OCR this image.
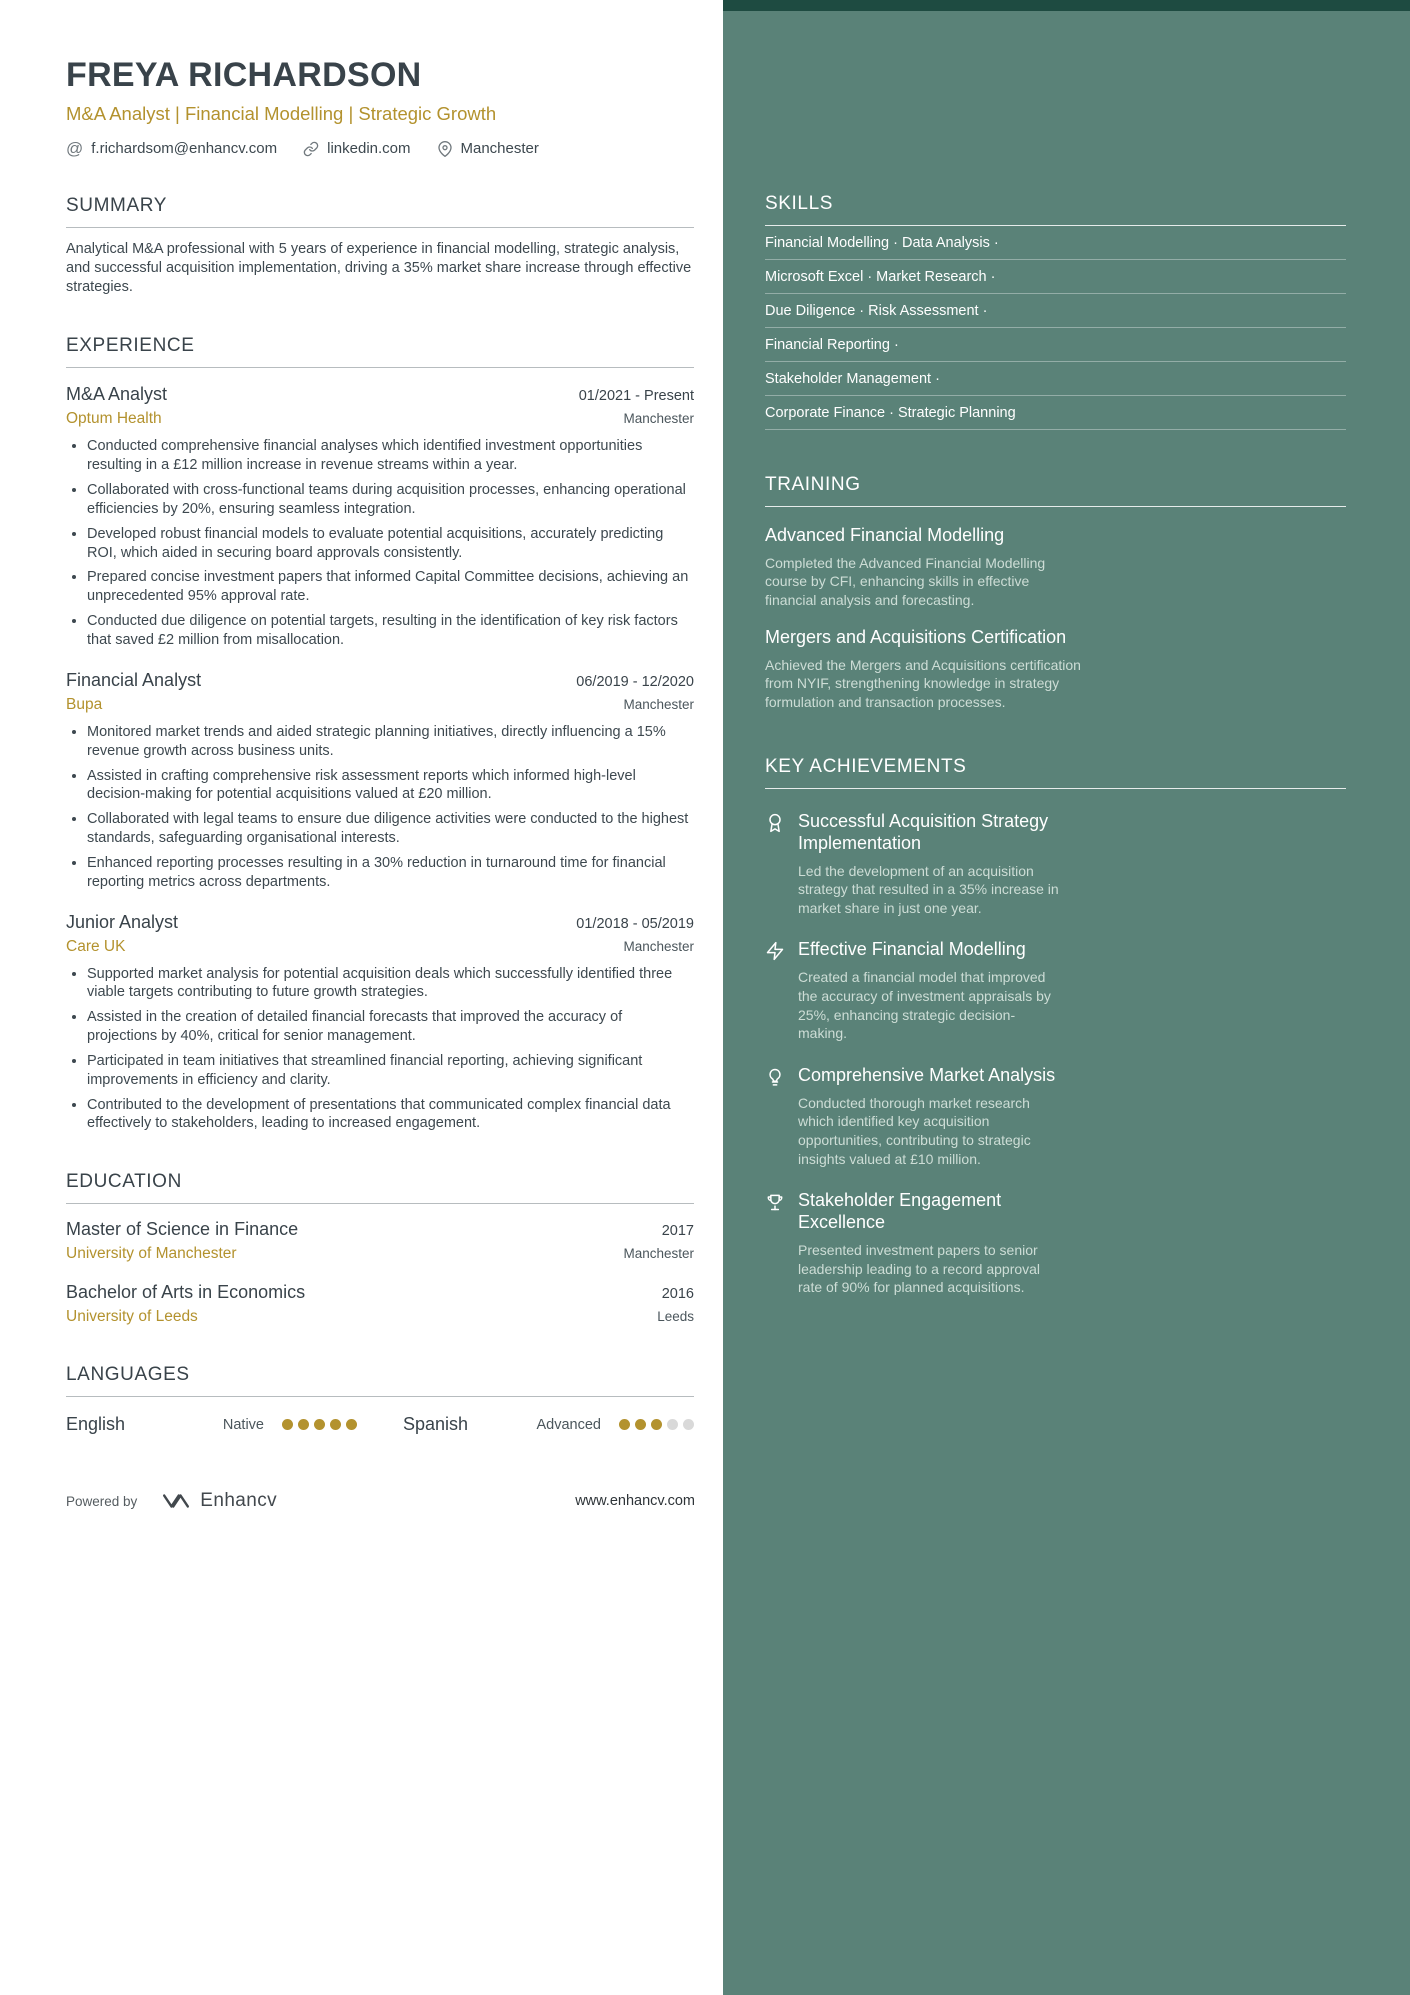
SKILLS
Financial Modelling · Data Analysis ·
Microsoft Excel · Market Research ·
Due Diligence · Risk Assessment ·
Financial Reporting ·
Stakeholder Management ·
Corporate Finance · Strategic Planning
TRAINING
Advanced Financial Modelling

Completed the Advanced Financial Modelling course by CFI, enhancing skills in effective financial analysis and forecasting.

Mergers and Acquisitions Certification

Achieved the Mergers and Acquisitions certification from NYIF, strengthening knowledge in strategy formulation and transaction processes.

KEY ACHIEVEMENTS
Successful Acquisition Strategy Implementation

Led the development of an acquisition strategy that resulted in a 35% increase in market share in just one year.

Effective Financial Modelling

Created a financial model that improved the accuracy of investment appraisals by 25%, enhancing strategic decision-making.

Comprehensive Market Analysis

Conducted thorough market research which identified key acquisition opportunities, contributing to strategic insights valued at £10 million.

Stakeholder Engagement Excellence

Presented investment papers to senior leadership leading to a record approval rate of 90% for planned acquisitions.

FREYA RICHARDSON
M&A Analyst | Financial Modelling | Strategic Growth
@ f.richardsom@enhancv.com	linkedin.com	Manchester
SUMMARY

Analytical M&A professional with 5 years of experience in financial modelling, strategic analysis, and successful acquisition implementation, driving a 35% market share increase through effective strategies.

EXPERIENCE
M&A Analyst	01/2021 - Present
Optum Health	Manchester
• Conducted comprehensive financial analyses which identified investment opportunities resulting in a £12 million increase in revenue streams within a year.
• Collaborated with cross-functional teams during acquisition processes, enhancing operational efficiencies by 20%, ensuring seamless integration.
• Developed robust financial models to evaluate potential acquisitions, accurately predicting ROI, which aided in securing board approvals consistently.
• Prepared concise investment papers that informed Capital Committee decisions, achieving an unprecedented 95% approval rate.
• Conducted due diligence on potential targets, resulting in the identification of key risk factors that saved £2 million from misallocation.
Financial Analyst	06/2019 - 12/2020
Bupa	Manchester
• Monitored market trends and aided strategic planning initiatives, directly influencing a 15% revenue growth across business units.
• Assisted in crafting comprehensive risk assessment reports which informed high-level decision-making for potential acquisitions valued at £20 million.
• Collaborated with legal teams to ensure due diligence activities were conducted to the highest standards, safeguarding organisational interests.
• Enhanced reporting processes resulting in a 30% reduction in turnaround time for financial reporting metrics across departments.
Junior Analyst	01/2018 - 05/2019
Care UK	Manchester
• Supported market analysis for potential acquisition deals which successfully identified three viable targets contributing to future growth strategies.
• Assisted in the creation of detailed financial forecasts that improved the accuracy of projections by 40%, critical for senior management.
• Participated in team initiatives that streamlined financial reporting, achieving significant improvements in efficiency and clarity.
• Contributed to the development of presentations that communicated complex financial data effectively to stakeholders, leading to increased engagement.
EDUCATION
Master of Science in Finance	2017
University of Manchester	Manchester
Bachelor of Arts in Economics	2016
University of Leeds	Leeds
LANGUAGES
English	Native	Spanish	Advanced
Powered by	Enhancv	www.enhancv.com
